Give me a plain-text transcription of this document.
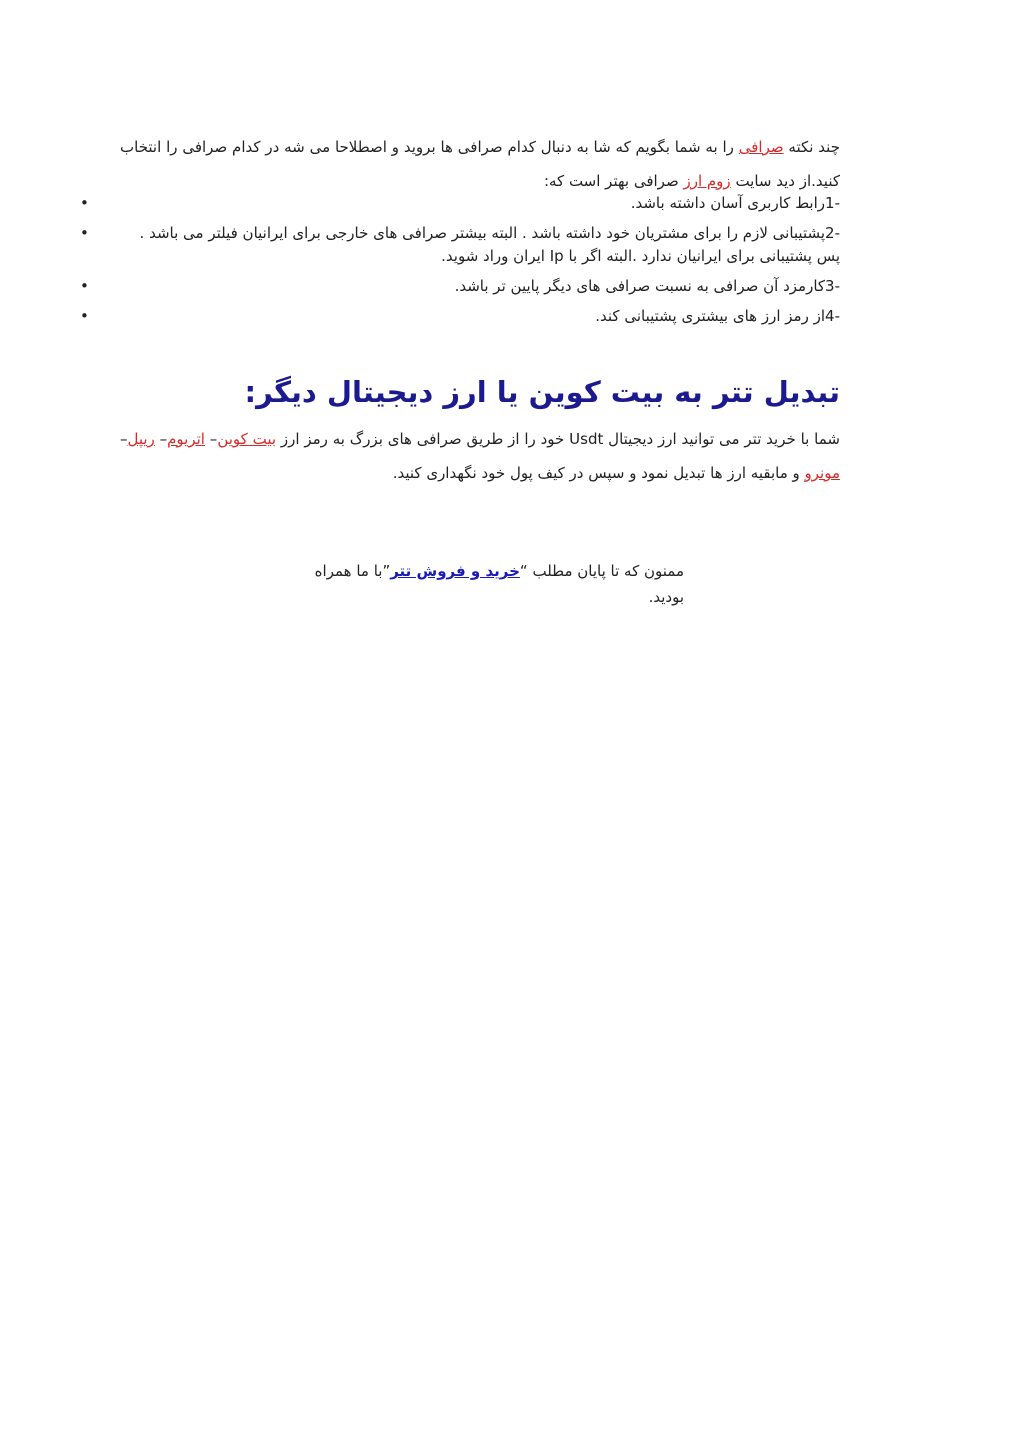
چند نکته صرافی را به شما بگویم که شا به دنبال کدام صرافی ها بروید و اصطلاحا می شه در کدام صرافی را انتخاب کنید.از دید سایت زوم ارز صرافی بهتر است که:

•	-1رابط کاربری آسان داشته باشد.
•	-2پشتیبانی لازم را برای مشتریان خود داشته باشد . البته بیشتر صرافی های خارجی برای ایرانیان فیلتر می باشد . پس پشتیبانی برای ایرانیان ندارد .البته اگر با Ip ایران وراد شوید.
•	-3کارمزد آن صرافی به نسبت صرافی های دیگر پایین تر باشد.
•	-4از رمز ارز های بیشتری پشتیبانی کند.
تبدیل تتر به بیت کوین یا ارز دیجیتال دیگر:

شما با خرید تتر می توانید ارز دیجیتال Usdt خود را از طریق صرافی های بزرگ به رمز ارز بیت کوین– اتریوم– ریپل– مونرو و مابقیه ارز ها تبدیل نمود و سپس در کیف پول خود نگهداری کنید.

ممنون که تا پایان مطلب “خرید و فروش تتر”با ما همراه بودید.
